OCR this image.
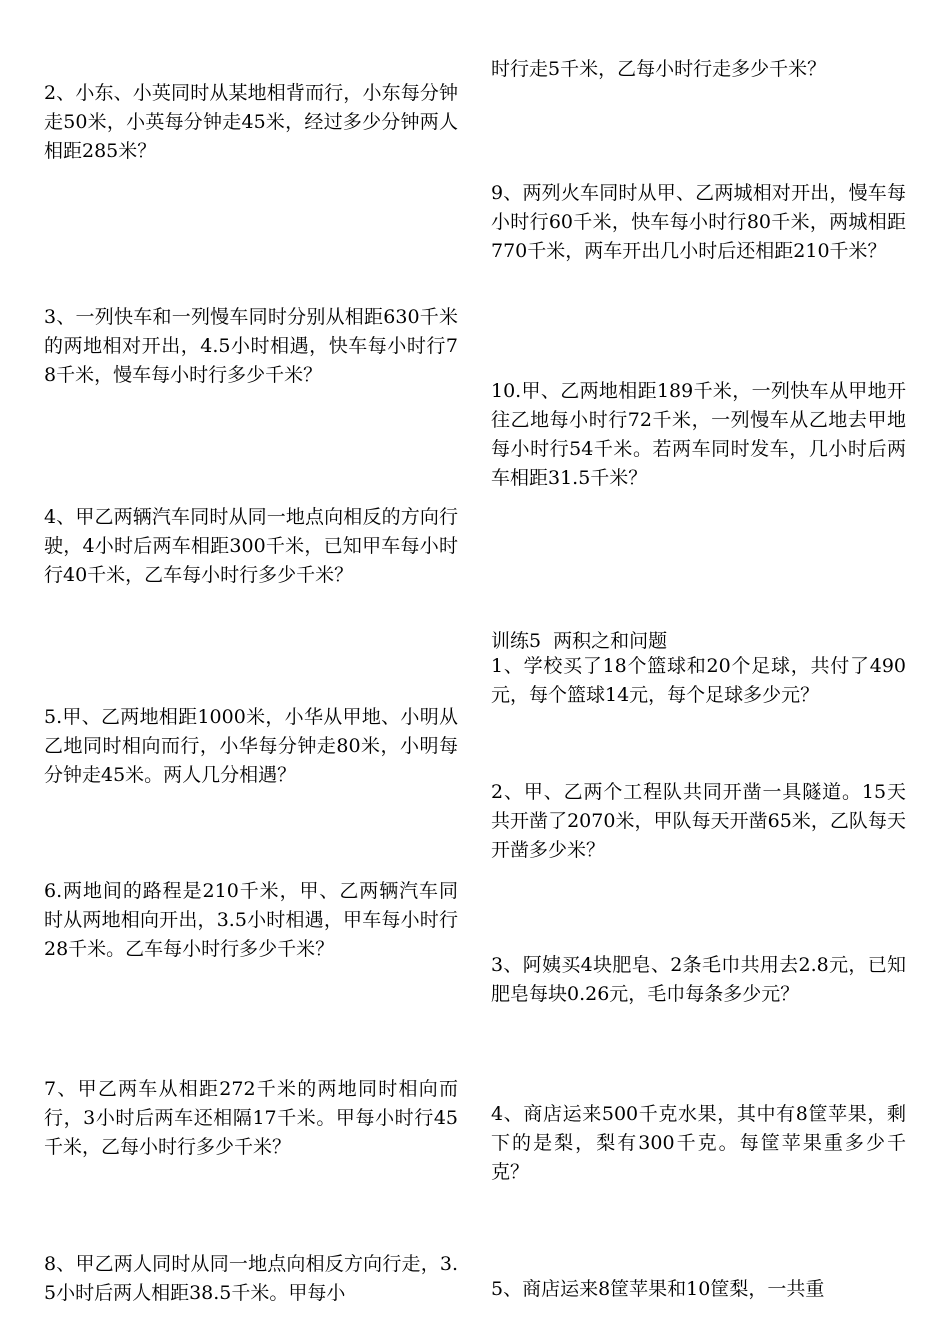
2、小东、小英同时从某地相背而行，小东每分钟走50米，小英每分钟走45米，经过多少分钟两人相距285米？

3、一列快车和一列慢车同时分别从相距630千米的两地相对开出，4.5小时相遇，快车每小时行78千米，慢车每小时行多少千米？

4、甲乙两辆汽车同时从同一地点向相反的方向行驶，4小时后两车相距300千米，已知甲车每小时行40千米，乙车每小时行多少千米？

5.甲、乙两地相距1000米，小华从甲地、小明从乙地同时相向而行，小华每分钟走80米，小明每分钟走45米。两人几分相遇？

6.两地间的路程是210千米，甲、乙两辆汽车同时从两地相向开出，3.5小时相遇，甲车每小时行28千米。乙车每小时行多少千米？

7、甲乙两车从相距272千米的两地同时相向而行，3小时后两车还相隔17千米。甲每小时行45千米，乙每小时行多少千米？

8、甲乙两人同时从同一地点向相反方向行走，3.5小时后两人相距38.5千米。甲每小

时行走5千米，乙每小时行走多少千米？

9、两列火车同时从甲、乙两城相对开出，慢车每小时行60千米，快车每小时行80千米，两城相距770千米，两车开出几小时后还相距210千米？

10.甲、乙两地相距189千米，一列快车从甲地开往乙地每小时行72千米，一列慢车从乙地去甲地每小时行54千米。若两车同时发车，几小时后两车相距31.5千米？

训练5  两积之和问题

1、学校买了18个篮球和20个足球，共付了490元，每个篮球14元，每个足球多少元？

2、甲、乙两个工程队共同开凿一具隧道。15天共开凿了2070米，甲队每天开凿65米，乙队每天开凿多少米？

3、阿姨买4块肥皂、2条毛巾共用去2.8元，已知肥皂每块0.26元，毛巾每条多少元？

4、商店运来500千克水果，其中有8筐苹果，剩下的是梨，梨有300千克。每筐苹果重多少千克？

5、商店运来8筐苹果和10筐梨，一共重
